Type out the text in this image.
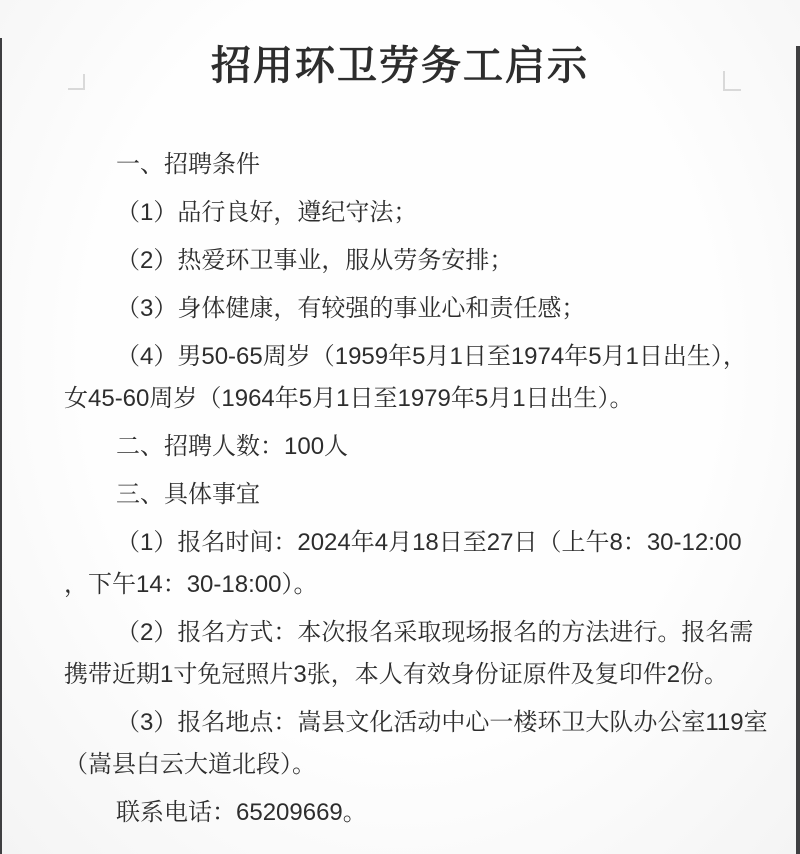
招用环卫劳务工启示
一、招聘条件
（1）品行良好，遵纪守法；
（2）热爱环卫事业，服从劳务安排；
（3）身体健康，有较强的事业心和责任感；
（4）男50-65周岁（1959年5月1日至1974年5月1日出生），
女45-60周岁（1964年5月1日至1979年5月1日出生）。
二、招聘人数：100人
三、具体事宜
（1）报名时间：2024年4月18日至27日（上午8：30-12:00
，下午14：30-18:00）。
（2）报名方式：本次报名采取现场报名的方法进行。报名需
携带近期1寸免冠照片3张，本人有效身份证原件及复印件2份。
（3）报名地点：嵩县文化活动中心一楼环卫大队办公室119室
（嵩县白云大道北段）。
联系电话：65209669。
